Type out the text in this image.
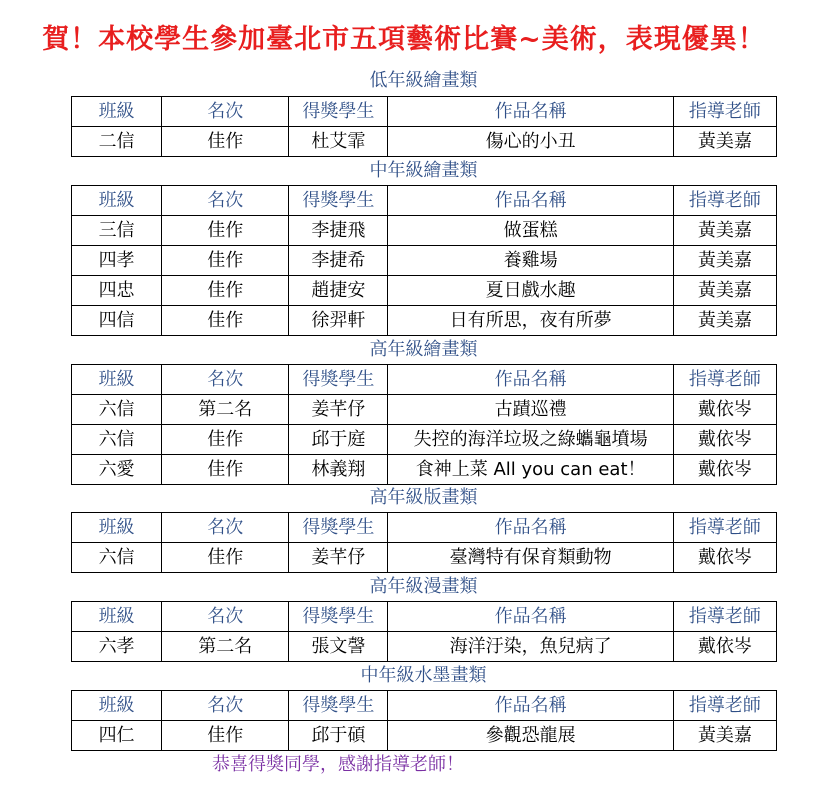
賀！本校學生參加臺北市五項藝術比賽~美術，表現優異！
低年級繪畫類
班級	名次	得獎學生	作品名稱	指導老師
二信	佳作	杜艾霏	傷心的小丑	黃美嘉
中年級繪畫類
班級	名次	得獎學生	作品名稱	指導老師
三信	佳作	李捷飛	做蛋糕	黃美嘉
四孝	佳作	李捷希	養雞場	黃美嘉
四忠	佳作	趙捷安	夏日戲水趣	黃美嘉
四信	佳作	徐羿軒	日有所思，夜有所夢	黃美嘉
高年級繪畫類
班級	名次	得獎學生	作品名稱	指導老師
六信	第二名	姜芊伃	古蹟巡禮	戴依岑
六信	佳作	邱于庭	失控的海洋垃圾之綠蠵龜墳場	戴依岑
六愛	佳作	林義翔	食神上菜 All you can eat！	戴依岑
高年級版畫類
班級	名次	得獎學生	作品名稱	指導老師
六信	佳作	姜芊伃	臺灣特有保育類動物	戴依岑
高年級漫畫類
班級	名次	得獎學生	作品名稱	指導老師
六孝	第二名	張文謦	海洋汙染，魚兒病了	戴依岑
中年級水墨畫類
班級	名次	得獎學生	作品名稱	指導老師
四仁	佳作	邱于碩	參觀恐龍展	黃美嘉
恭喜得獎同學，感謝指導老師！
